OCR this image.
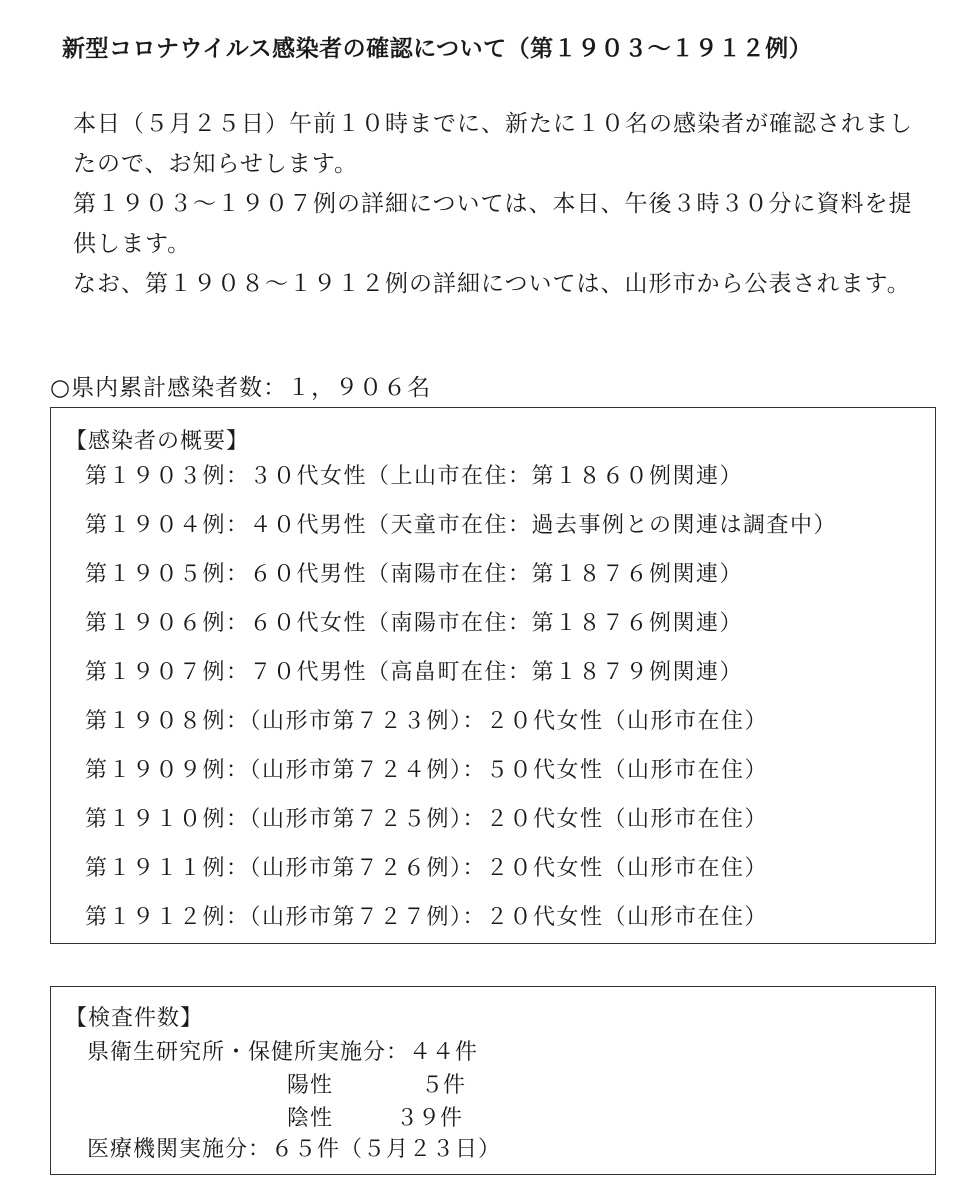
新型コロナウイルス感染者の確認について（第１９０３～１９１２例）
本日（５月２５日）午前１０時までに、新たに１０名の感染者が確認されましたので、お知らせします。
第１９０３～１９０７例の詳細については、本日、午後３時３０分に資料を提供します。
なお、第１９０８～１９１２例の詳細については、山形市から公表されます。
○県内累計感染者数：１，９０６名
【感染者の概要】
第１９０３例：３０代女性（上山市在住：第１８６０例関連）
第１９０４例：４０代男性（天童市在住：過去事例との関連は調査中）
第１９０５例：６０代男性（南陽市在住：第１８７６例関連）
第１９０６例：６０代女性（南陽市在住：第１８７６例関連）
第１９０７例：７０代男性（高畠町在住：第１８７９例関連）
第１９０８例：（山形市第７２３例）：２０代女性（山形市在住）
第１９０９例：（山形市第７２４例）：５０代女性（山形市在住）
第１９１０例：（山形市第７２５例）：２０代女性（山形市在住）
第１９１１例：（山形市第７２６例）：２０代女性（山形市在住）
第１９１２例：（山形市第７２７例）：２０代女性（山形市在住）
【検査件数】
県衛生研究所・保健所実施分：４４件
陽性	５件
陰性	３９件
医療機関実施分：６５件（５月２３日）
